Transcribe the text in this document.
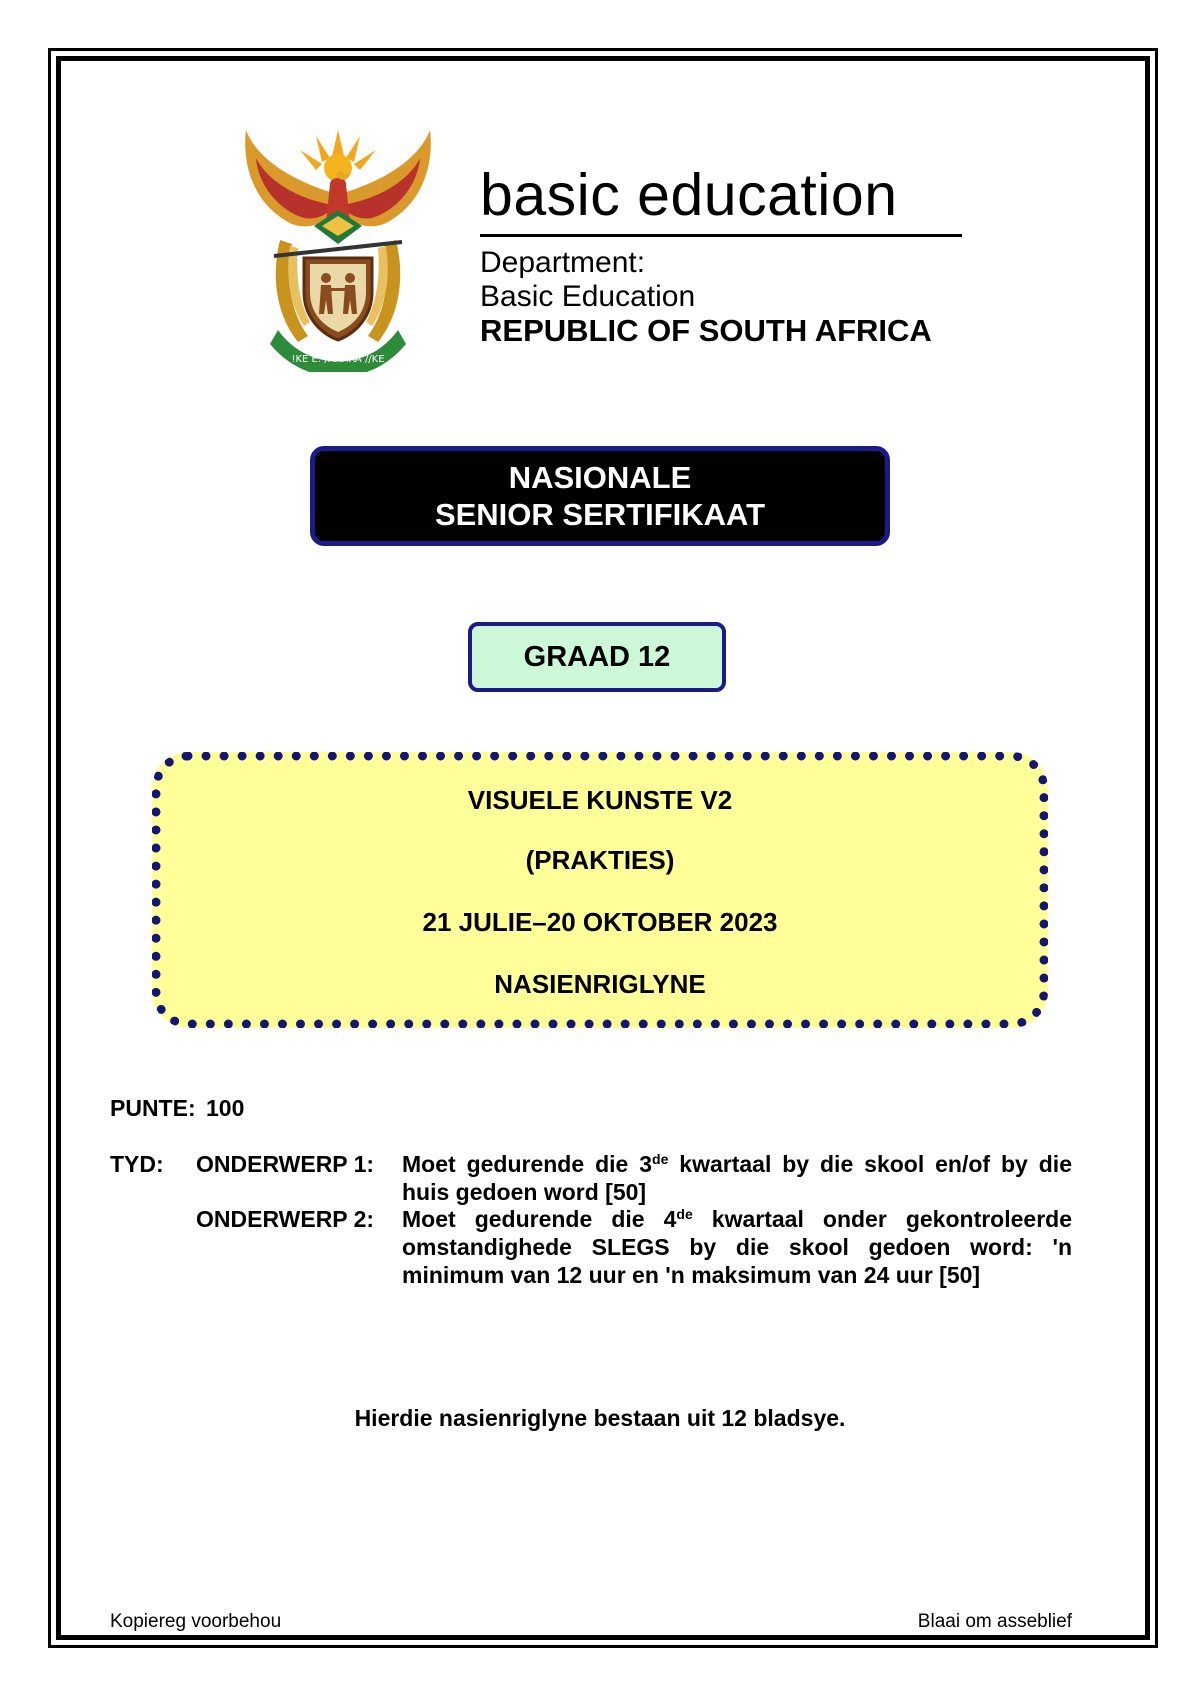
!KE E: /XARRA //KE
basic education
Department:
Basic Education
REPUBLIC OF SOUTH AFRICA
NASIONALE
SENIOR SERTIFIKAAT
GRAAD 12
VISUELE KUNSTE V2
(PRAKTIES)
21 JULIE–20 OKTOBER 2023
NASIENRIGLYNE
PUNTE: 100
TYD: ONDERWERP 1: Moet gedurende die 3de kwartaal by die skool en/of by die huis gedoen word [50]
ONDERWERP 2: Moet gedurende die 4de kwartaal onder gekontroleerde omstandighede SLEGS by die skool gedoen word: 'n minimum van 12 uur en 'n maksimum van 24 uur [50]
Hierdie nasienriglyne bestaan uit 12 bladsye.
Kopiereg voorbehou	Blaai om asseblief
